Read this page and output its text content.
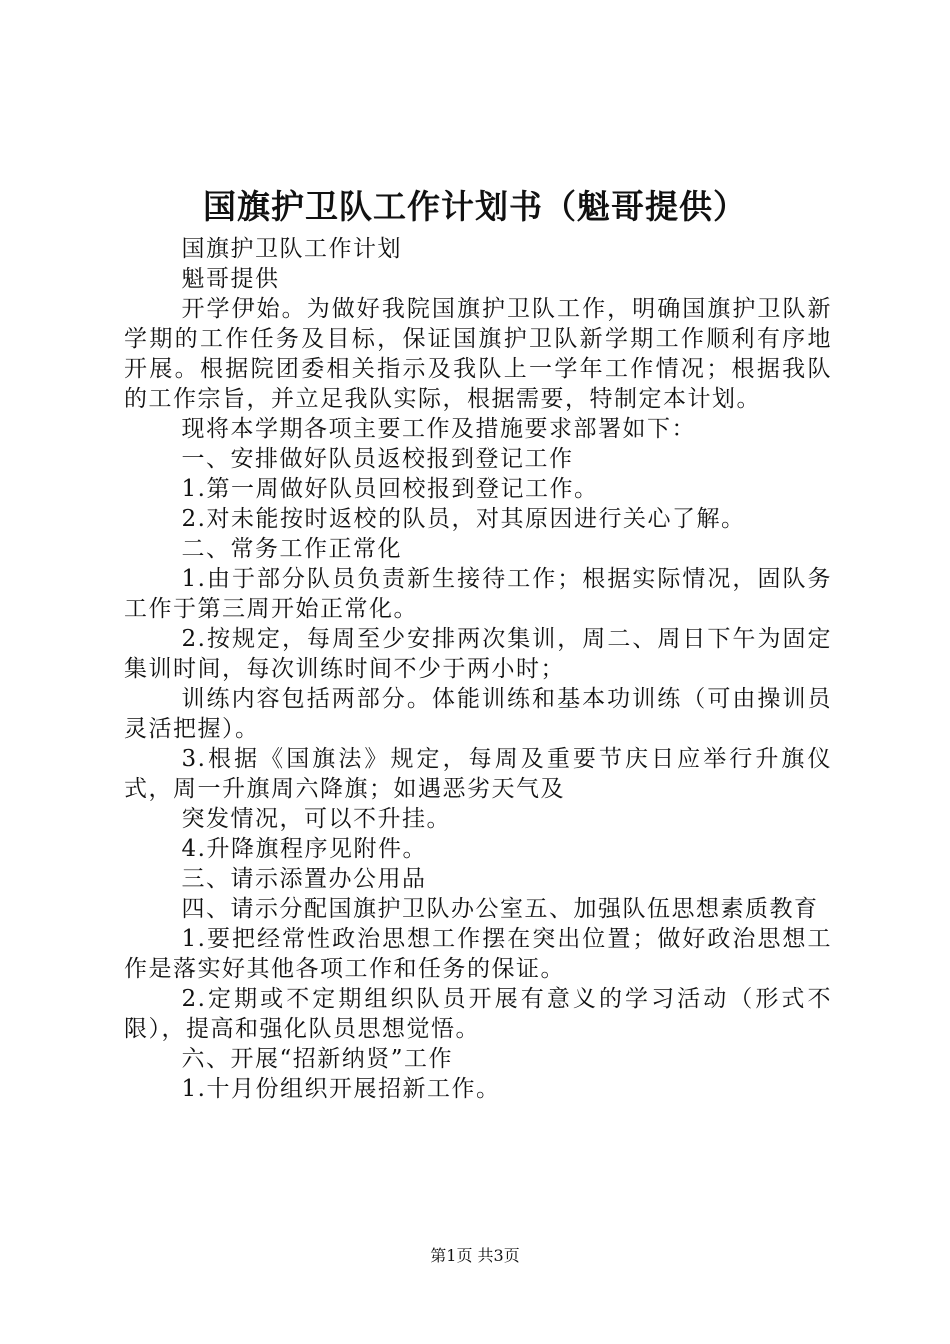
国旗护卫队工作计划书（魁哥提供）

国旗护卫队工作计划

魁哥提供

开学伊始。为做好我院国旗护卫队工作，明确国旗护卫队新学期的工作任务及目标，保证国旗护卫队新学期工作顺利有序地开展。根据院团委相关指示及我队上一学年工作情况；根据我队的工作宗旨，并立足我队实际，根据需要，特制定本计划。

现将本学期各项主要工作及措施要求部署如下：

一、安排做好队员返校报到登记工作

1.第一周做好队员回校报到登记工作。

2.对未能按时返校的队员，对其原因进行关心了解。

二、常务工作正常化

1.由于部分队员负责新生接待工作；根据实际情况，固队务工作于第三周开始正常化。

2.按规定，每周至少安排两次集训，周二、周日下午为固定集训时间，每次训练时间不少于两小时；

训练内容包括两部分。体能训练和基本功训练（可由操训员灵活把握）。

3.根据《国旗法》规定，每周及重要节庆日应举行升旗仪式，周一升旗周六降旗；如遇恶劣天气及

突发情况，可以不升挂。

4.升降旗程序见附件。

三、请示添置办公用品

四、请示分配国旗护卫队办公室五、加强队伍思想素质教育

1.要把经常性政治思想工作摆在突出位置；做好政治思想工作是落实好其他各项工作和任务的保证。

2.定期或不定期组织队员开展有意义的学习活动（形式不限），提高和强化队员思想觉悟。

六、开展“招新纳贤”工作

1.十月份组织开展招新工作。

第1页 共3页
